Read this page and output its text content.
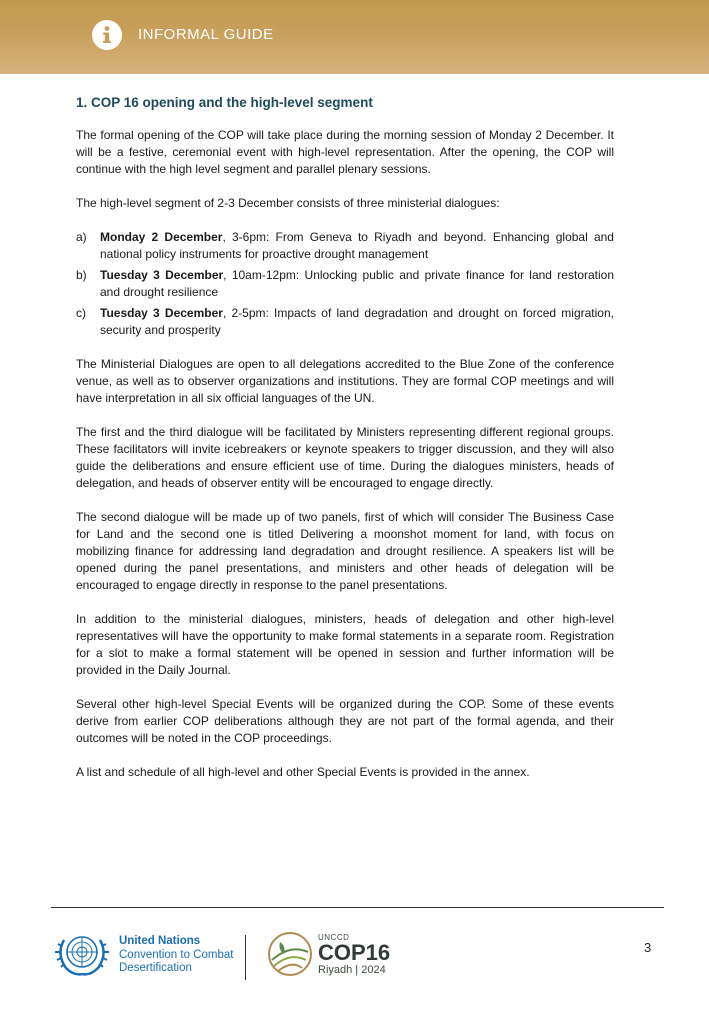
INFORMAL GUIDE
1. COP 16 opening and the high-level segment

The formal opening of the COP will take place during the morning session of Monday 2 December. It will be a festive, ceremonial event with high-level representation. After the opening, the COP will continue with the high level segment and parallel plenary sessions.

The high-level segment of 2-3 December consists of three ministerial dialogues:

a) Monday 2 December, 3-6pm: From Geneva to Riyadh and beyond. Enhancing global and national policy instruments for proactive drought management
b) Tuesday 3 December, 10am-12pm: Unlocking public and private finance for land restoration and drought resilience
c) Tuesday 3 December, 2-5pm: Impacts of land degradation and drought on forced migration, security and prosperity

The Ministerial Dialogues are open to all delegations accredited to the Blue Zone of the conference venue, as well as to observer organizations and institutions. They are formal COP meetings and will have interpretation in all six official languages of the UN.

The first and the third dialogue will be facilitated by Ministers representing different regional groups. These facilitators will invite icebreakers or keynote speakers to trigger discussion, and they will also guide the deliberations and ensure efficient use of time. During the dialogues ministers, heads of delegation, and heads of observer entity will be encouraged to engage directly.

The second dialogue will be made up of two panels, first of which will consider The Business Case for Land and the second one is titled Delivering a moonshot moment for land, with focus on mobilizing finance for addressing land degradation and drought resilience. A speakers list will be opened during the panel presentations, and ministers and other heads of delegation will be encouraged to engage directly in response to the panel presentations.

In addition to the ministerial dialogues, ministers, heads of delegation and other high-level representatives will have the opportunity to make formal statements in a separate room. Registration for a slot to make a formal statement will be opened in session and further information will be provided in the Daily Journal.

Several other high-level Special Events will be organized during the COP. Some of these events derive from earlier COP deliberations although they are not part of the formal agenda, and their outcomes will be noted in the COP proceedings.

A list and schedule of all high-level and other Special Events is provided in the annex.

United Nations
Convention to Combat
Desertification
UNCCD
COP16
Riyadh | 2024
3
